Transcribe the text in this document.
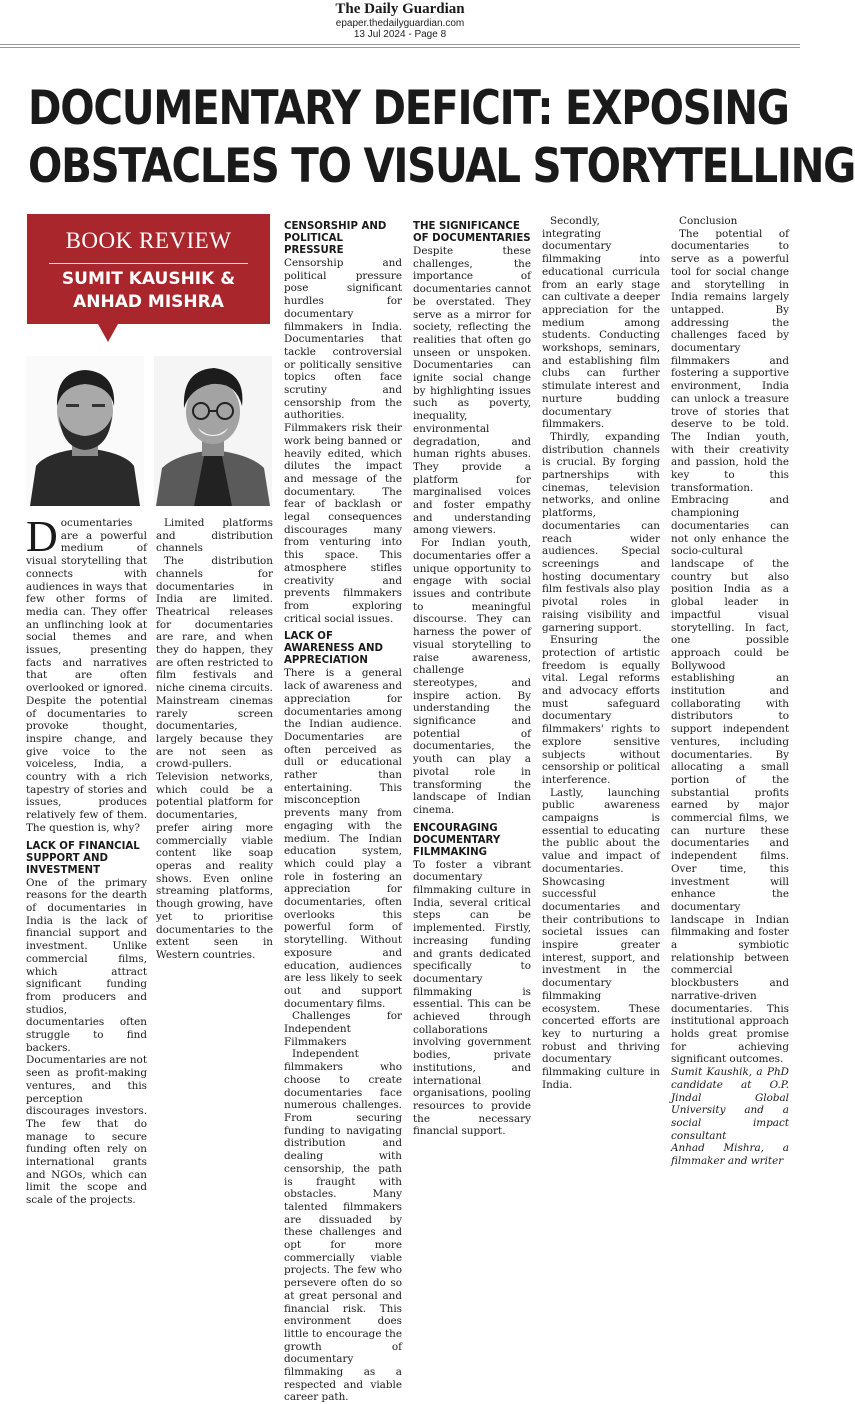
The Daily Guardian
epaper.thedailyguardian.com
13 Jul 2024 - Page 8
DOCUMENTARY DEFICIT: EXPOSING
OBSTACLES TO VISUAL STORYTELLING
BOOK REVIEW
SUMIT KAUSHIK &
ANHAD MISHRA

Documentaries are a powerful medium of visual storytelling that connects with audiences in ways that few other forms of media can. They offer an unflinching look at social themes and issues, presenting facts and narratives that are often overlooked or ignored. Despite the potential of documentaries to provoke thought, inspire change, and give voice to the voiceless, India, a country with a rich tapestry of stories and issues, produces relatively few of them. The question is, why?

LACK OF FINANCIAL SUPPORT AND INVESTMENT

One of the primary reasons for the dearth of documentaries in India is the lack of financial support and investment. Unlike commercial films, which attract significant funding from producers and studios, documentaries often struggle to find backers. Documentaries are not seen as profit-making ventures, and this perception discourages investors. The few that do manage to secure funding often rely on international grants and NGOs, which can limit the scope and scale of the projects.

Limited platforms and distribution channels

The distribution channels for documentaries in India are limited. Theatrical releases for documentaries are rare, and when they do happen, they are often restricted to film festivals and niche cinema circuits. Mainstream cinemas rarely screen documentaries, largely because they are not seen as crowd-pullers. Television networks, which could be a potential platform for documentaries, prefer airing more commercially viable content like soap operas and reality shows. Even online streaming platforms, though growing, have yet to prioritise documentaries to the extent seen in Western countries.

CENSORSHIP AND POLITICAL PRESSURE

Censorship and political pressure pose significant hurdles for documentary filmmakers in India. Documentaries that tackle controversial or politically sensitive topics often face scrutiny and censorship from the authorities. Filmmakers risk their work being banned or heavily edited, which dilutes the impact and message of the documentary. The fear of backlash or legal consequences discourages many from venturing into this space. This atmosphere stifles creativity and prevents filmmakers from exploring critical social issues.

LACK OF AWARENESS AND APPRECIATION

There is a general lack of awareness and appreciation for documentaries among the Indian audience. Documentaries are often perceived as dull or educational rather than entertaining. This misconception prevents many from engaging with the medium. The Indian education system, which could play a role in fostering an appreciation for documentaries, often overlooks this powerful form of storytelling. Without exposure and education, audiences are less likely to seek out and support documentary films.

Challenges for Independent Filmmakers

Independent filmmakers who choose to create documentaries face numerous challenges. From securing funding to navigating distribution and dealing with censorship, the path is fraught with obstacles. Many talented filmmakers are dissuaded by these challenges and opt for more commercially viable projects. The few who persevere often do so at great personal and financial risk. This environment does little to encourage the growth of documentary filmmaking as a respected and viable career path.

THE SIGNIFICANCE OF DOCUMENTARIES

Despite these challenges, the importance of documentaries cannot be overstated. They serve as a mirror for society, reflecting the realities that often go unseen or unspoken. Documentaries can ignite social change by highlighting issues such as poverty, inequality, environmental degradation, and human rights abuses. They provide a platform for marginalised voices and foster empathy and understanding among viewers.

For Indian youth, documentaries offer a unique opportunity to engage with social issues and contribute to meaningful discourse. They can harness the power of visual storytelling to raise awareness, challenge stereotypes, and inspire action. By understanding the significance and potential of documentaries, the youth can play a pivotal role in transforming the landscape of Indian cinema.

ENCOURAGING DOCUMENTARY FILMMAKING

To foster a vibrant documentary filmmaking culture in India, several critical steps can be implemented. Firstly, increasing funding and grants dedicated specifically to documentary filmmaking is essential. This can be achieved through collaborations involving government bodies, private institutions, and international organisations, pooling resources to provide the necessary financial support.

Secondly, integrating documentary filmmaking into educational curricula from an early stage can cultivate a deeper appreciation for the medium among students. Conducting workshops, seminars, and establishing film clubs can further stimulate interest and nurture budding documentary filmmakers.

Thirdly, expanding distribution channels is crucial. By forging partnerships with cinemas, television networks, and online platforms, documentaries can reach wider audiences. Special screenings and hosting documentary film festivals also play pivotal roles in raising visibility and garnering support.

Ensuring the protection of artistic freedom is equally vital. Legal reforms and advocacy efforts must safeguard documentary filmmakers' rights to explore sensitive subjects without censorship or political interference.

Lastly, launching public awareness campaigns is essential to educating the public about the value and impact of documentaries. Showcasing successful documentaries and their contributions to societal issues can inspire greater interest, support, and investment in the documentary filmmaking ecosystem. These concerted efforts are key to nurturing a robust and thriving documentary filmmaking culture in India.

Conclusion

The potential of documentaries to serve as a powerful tool for social change and storytelling in India remains largely untapped. By addressing the challenges faced by documentary filmmakers and fostering a supportive environment, India can unlock a treasure trove of stories that deserve to be told. The Indian youth, with their creativity and passion, hold the key to this transformation. Embracing and championing documentaries can not only enhance the socio-cultural landscape of the country but also position India as a global leader in impactful visual storytelling. In fact, one possible approach could be Bollywood establishing an institution and collaborating with distributors to support independent ventures, including documentaries. By allocating a small portion of the substantial profits earned by major commercial films, we can nurture these documentaries and independent films. Over time, this investment will enhance the documentary landscape in Indian filmmaking and foster a symbiotic relationship between commercial blockbusters and narrative-driven documentaries. This institutional approach holds great promise for achieving significant outcomes.

Sumit Kaushik, a PhD candidate at O.P. Jindal Global University and a social impact consultant

Anhad Mishra, a filmmaker and writer
